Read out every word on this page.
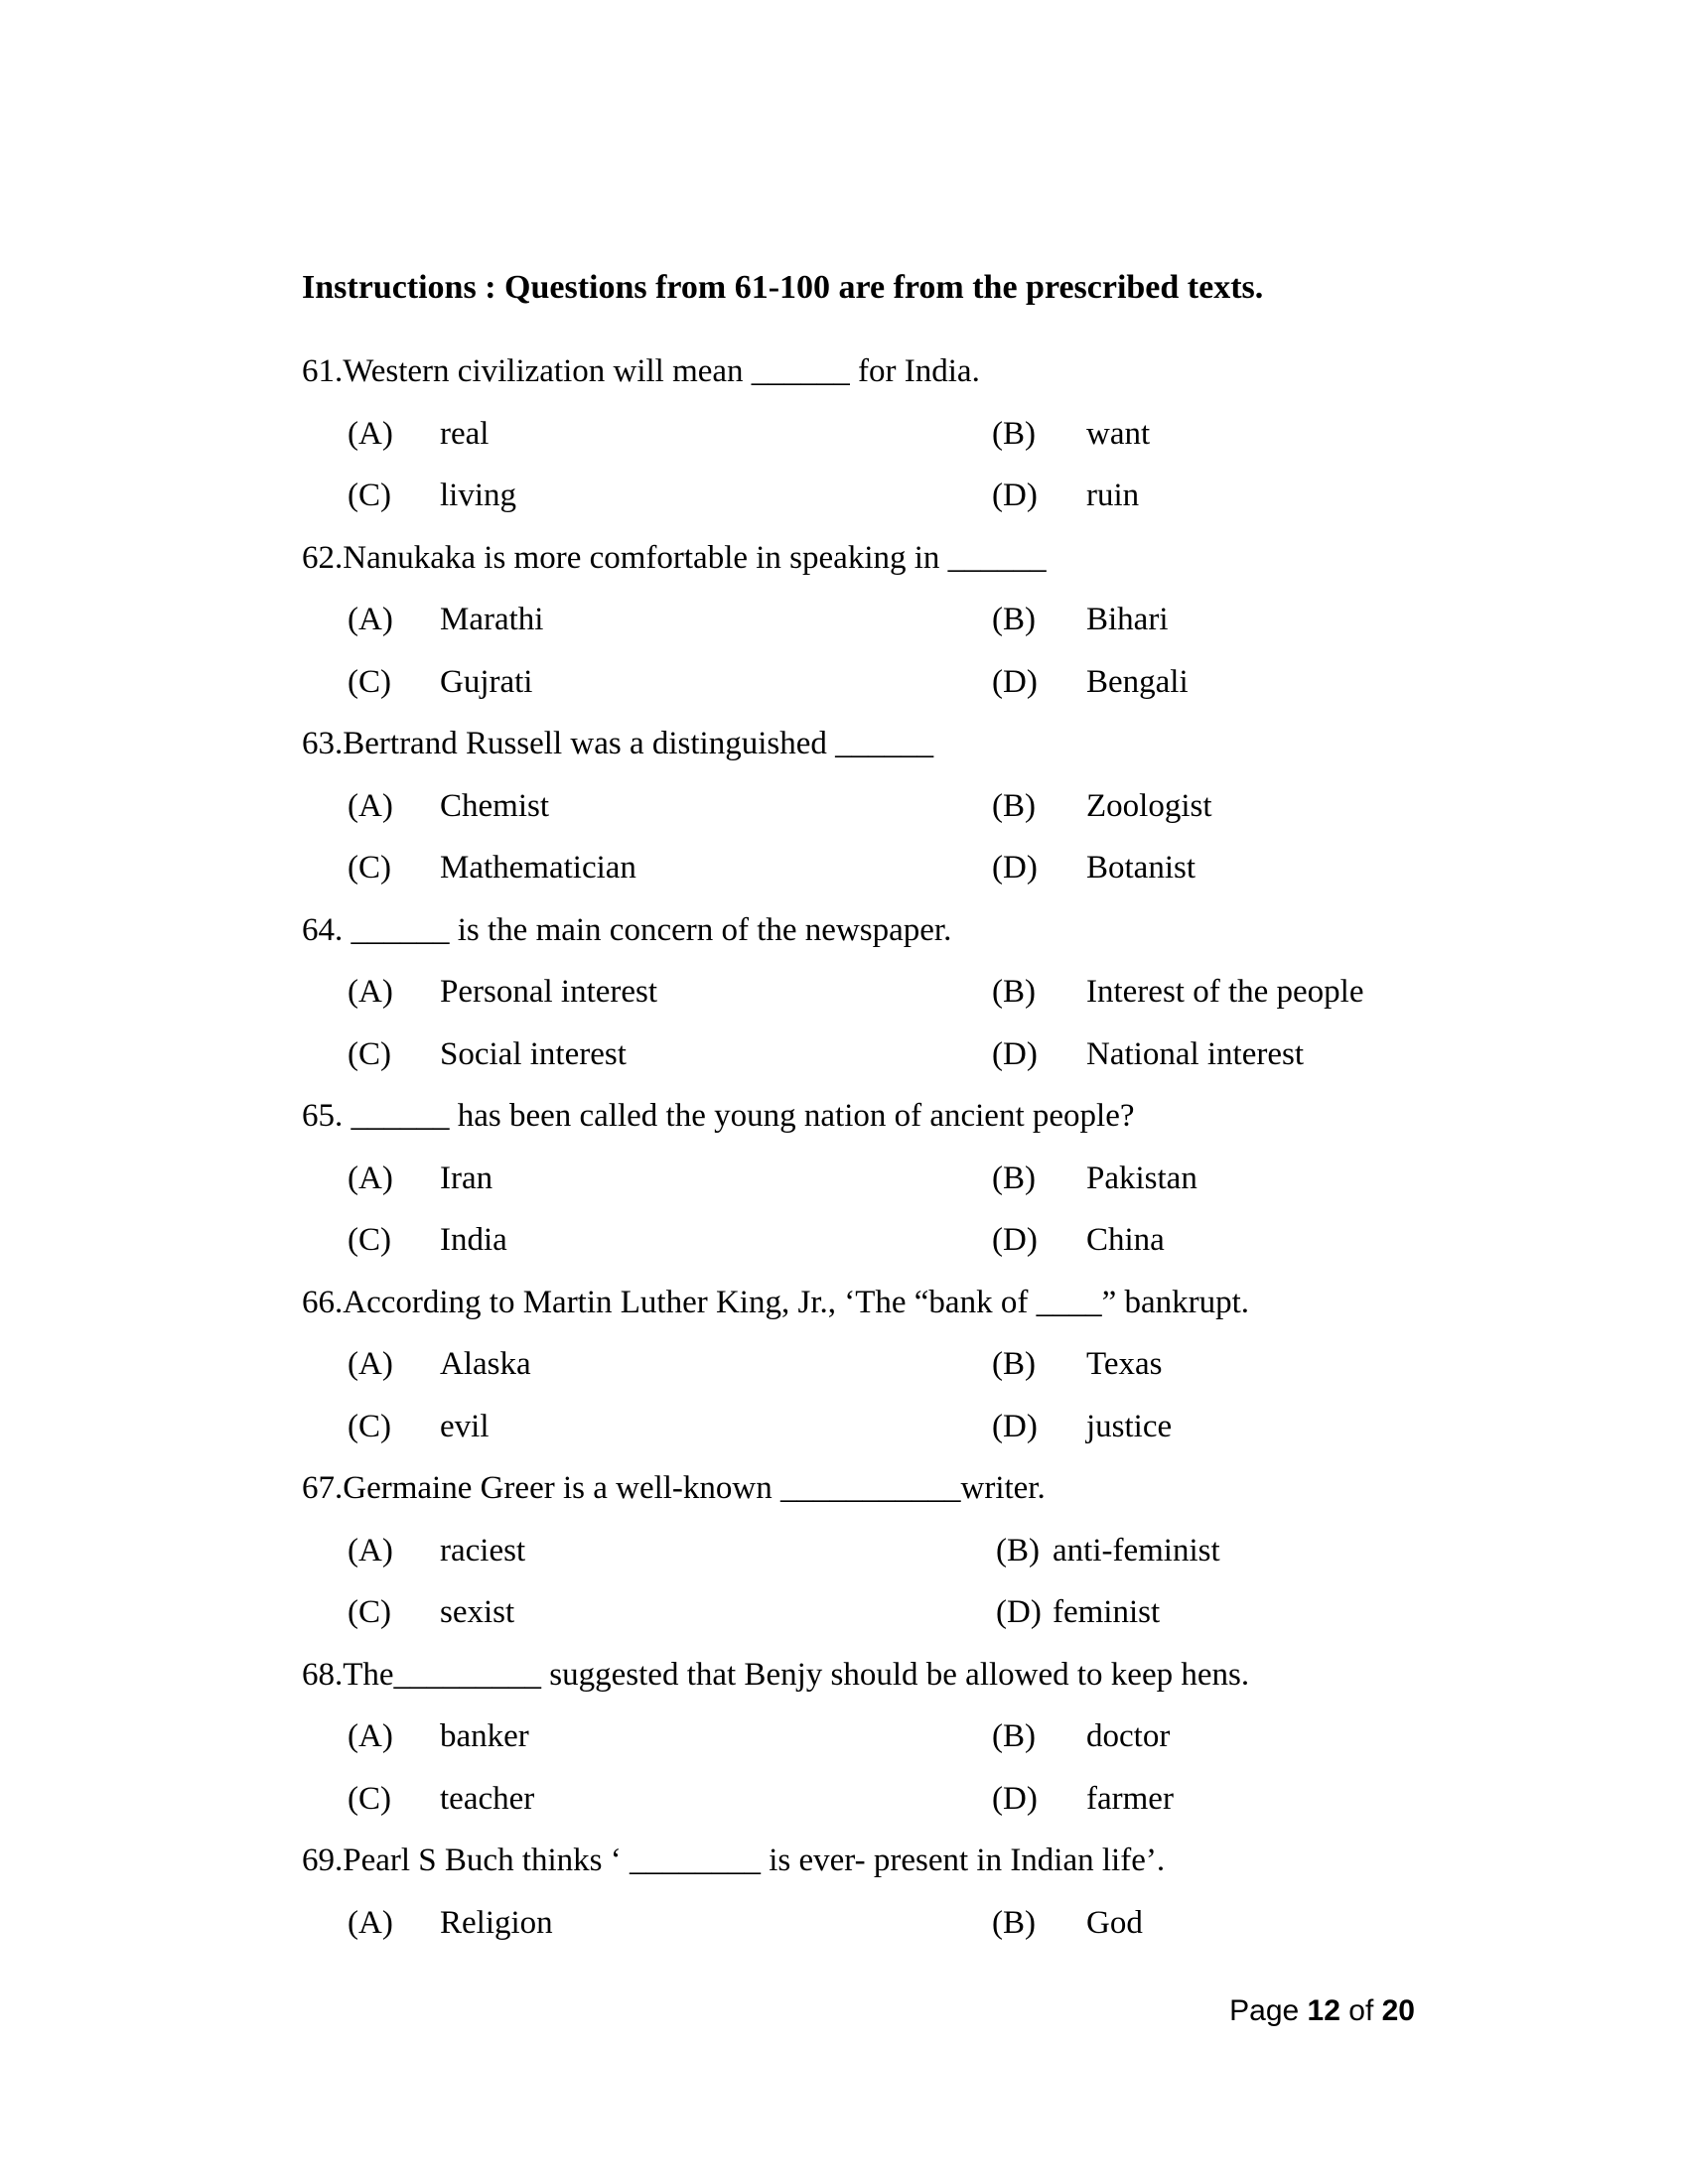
Instructions : Questions from 61-100 are from the prescribed texts.

61.Western civilization will mean ______ for India.
(A) real	(B) want
(C) living	(D) ruin
62.Nanukaka is more comfortable in speaking in ______
(A) Marathi	(B) Bihari
(C) Gujrati	(D) Bengali
63.Bertrand Russell was a distinguished ______
(A) Chemist	(B) Zoologist
(C) Mathematician	(D) Botanist
64. ______ is the main concern of the newspaper.
(A) Personal interest	(B) Interest of the people
(C) Social interest	(D) National interest
65. ______ has been called the young nation of ancient people?
(A) Iran	(B) Pakistan
(C) India	(D) China
66.According to Martin Luther King, Jr., ‘The “bank of ____” bankrupt.
(A) Alaska	(B) Texas
(C) evil	(D) justice
67.Germaine Greer is a well-known ___________writer.
(A) raciest	(B) anti-feminist
(C) sexist	(D) feminist
68.The_________ suggested that Benjy should be allowed to keep hens.
(A) banker	(B) doctor
(C) teacher	(D) farmer
69.Pearl S Buch thinks ‘ ________ is ever- present in Indian life’.
(A) Religion	(B) God
Page 12 of 20
